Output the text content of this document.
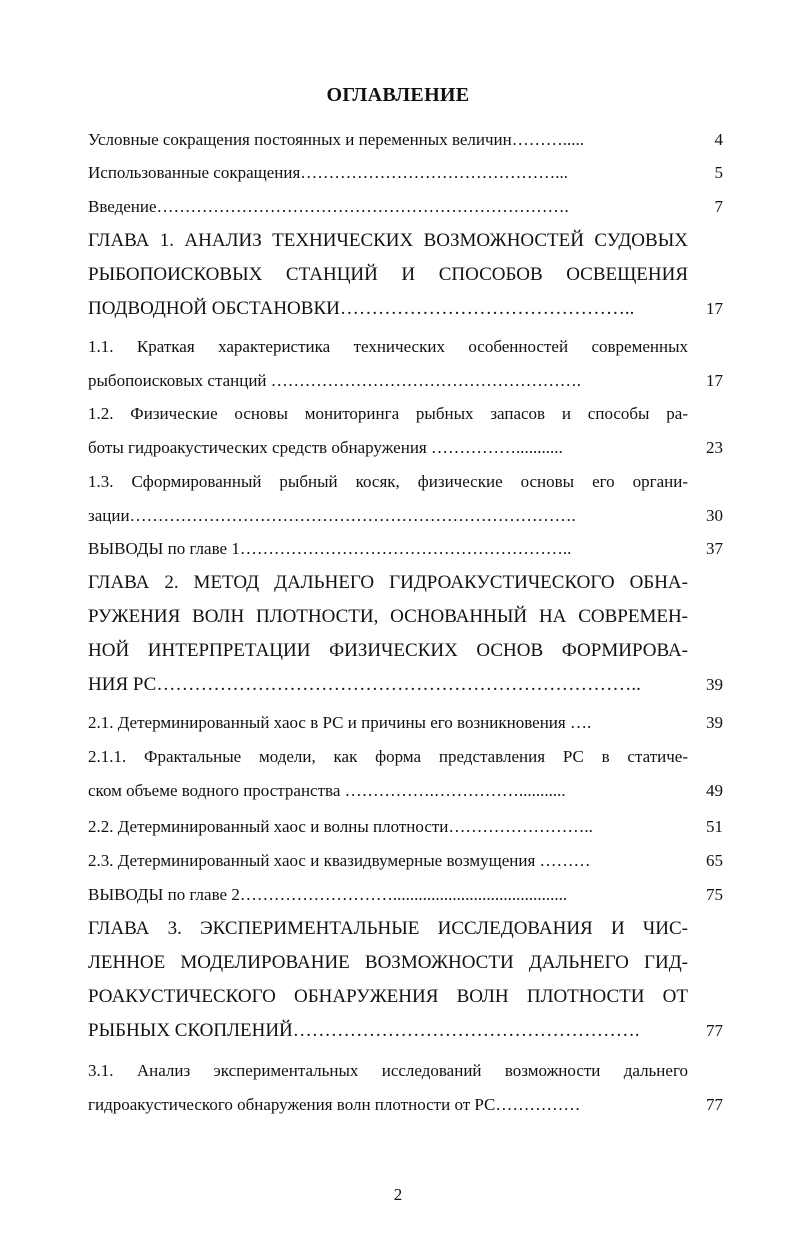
ОГЛАВЛЕНИЕ
Условные сокращения постоянных и переменных величин……….....	4
Использованные сокращения………………………………………...	5
Введение……………………………………………………………….	7
ГЛАВА 1. АНАЛИЗ ТЕХНИЧЕСКИХ ВОЗМОЖНОСТЕЙ СУДОВЫХ
РЫБОПОИСКОВЫХ СТАНЦИЙ И СПОСОБОВ ОСВЕЩЕНИЯ
ПОДВОДНОЙ ОБСТАНОВКИ………………………………………..	17
1.1. Краткая характеристика технических особенностей современных
рыбопоисковых станций ……………………………………………….	17
1.2. Физические основы мониторинга рыбных запасов и способы ра-
боты гидроакустических средств обнаружения ……………...........	23
1.3. Сформированный рыбный косяк, физические основы его органи-
зации…………………………………………………………………….	30
ВЫВОДЫ по главе 1…………………………………………………..	37
ГЛАВА 2. МЕТОД ДАЛЬНЕГО ГИДРОАКУСТИЧЕСКОГО ОБНА-
РУЖЕНИЯ ВОЛН ПЛОТНОСТИ, ОСНОВАННЫЙ НА СОВРЕМЕН-
НОЙ ИНТЕРПРЕТАЦИИ ФИЗИЧЕСКИХ ОСНОВ ФОРМИРОВА-
НИЯ РС…………………………………………………………………..	39
2.1. Детерминированный хаос в РС и причины его возникновения ….	39
2.1.1. Фрактальные модели, как форма представления РС в статиче-
ском объеме водного пространства …………….……………...........	49
2.2. Детерминированный хаос и волны плотности……………………..	51
2.3. Детерминированный хаос и квазидвумерные возмущения ………	65
ВЫВОДЫ по главе 2……………………….........................................	75
ГЛАВА 3. ЭКСПЕРИМЕНТАЛЬНЫЕ ИССЛЕДОВАНИЯ И ЧИС-
ЛЕННОЕ МОДЕЛИРОВАНИЕ ВОЗМОЖНОСТИ ДАЛЬНЕГО ГИД-
РОАКУСТИЧЕСКОГО ОБНАРУЖЕНИЯ ВОЛН ПЛОТНОСТИ ОТ
РЫБНЫХ СКОПЛЕНИЙ……………………………………………….	77
3.1. Анализ экспериментальных исследований возможности дальнего
гидроакустического обнаружения волн плотности от РС……………	77
2
